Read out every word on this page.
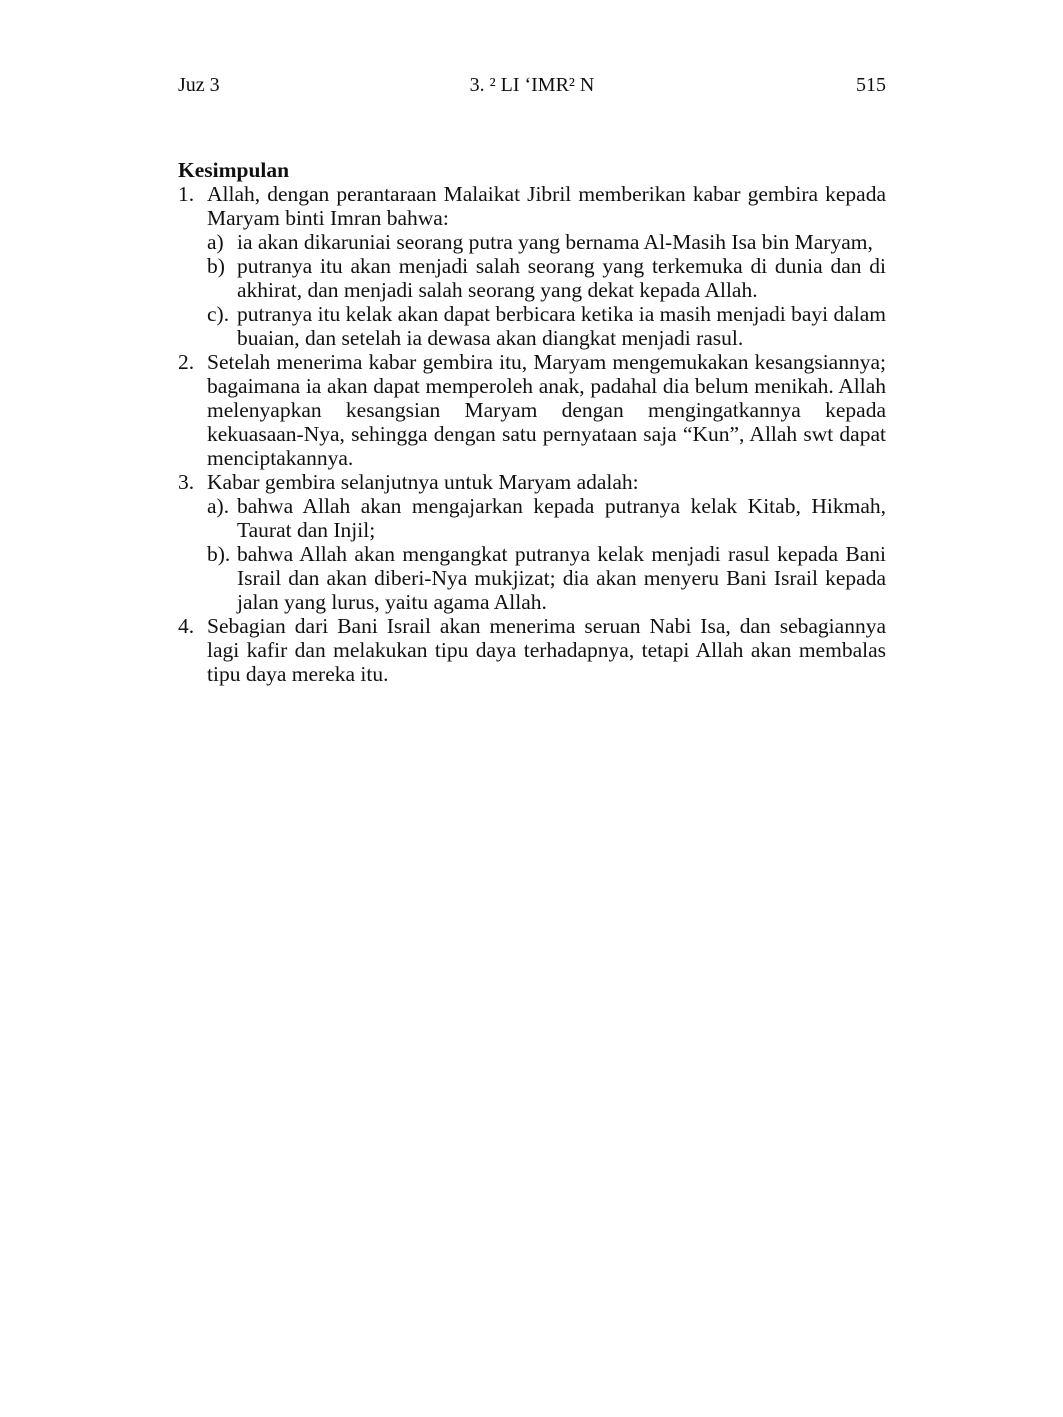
Juz 3	3. ² LI ‘IMR² N	515

Kesimpulan

1. Allah, dengan perantaraan Malaikat Jibril memberikan kabar gembira kepada Maryam binti Imran bahwa:
a) ia akan dikaruniai seorang putra yang bernama Al-Masih Isa bin Maryam,
b) putranya itu akan menjadi salah seorang yang terkemuka di dunia dan di akhirat, dan menjadi salah seorang yang dekat kepada Allah.
c). putranya itu kelak akan dapat berbicara ketika ia masih menjadi bayi dalam buaian, dan setelah ia dewasa akan diangkat menjadi rasul.
2. Setelah menerima kabar gembira itu, Maryam mengemukakan kesangsiannya; bagaimana ia akan dapat memperoleh anak, padahal dia belum menikah. Allah melenyapkan kesangsian Maryam dengan mengingatkannya kepada kekuasaan-Nya, sehingga dengan satu pernyataan saja “Kun”, Allah swt dapat menciptakannya.
3. Kabar gembira selanjutnya untuk Maryam adalah:
a). bahwa Allah akan mengajarkan kepada putranya kelak Kitab, Hikmah, Taurat dan Injil;
b). bahwa Allah akan mengangkat putranya kelak menjadi rasul kepada Bani Israil dan akan diberi-Nya mukjizat; dia akan menyeru Bani Israil kepada jalan yang lurus, yaitu agama Allah.
4. Sebagian dari Bani Israil akan menerima seruan Nabi Isa, dan sebagiannya lagi kafir dan melakukan tipu daya terhadapnya, tetapi Allah akan membalas tipu daya mereka itu.
